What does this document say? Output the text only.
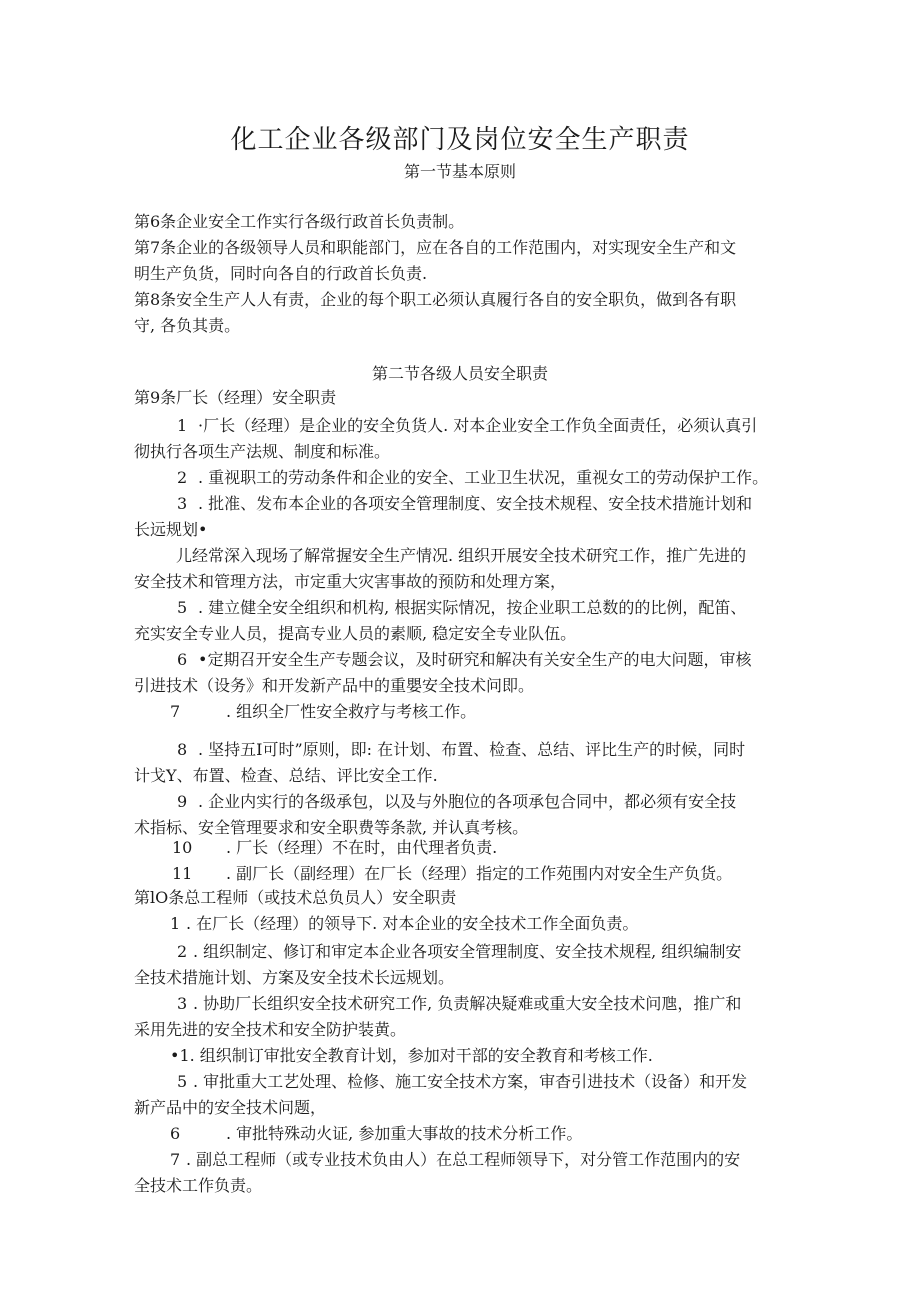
化工企业各级部门及岗位安全生产职责
第一节基本原则
第6条企业安全工作实行各级行政首长负责制。
第7条企业的各级领导人员和职能部门，应在各自的工作范围内，对实现安全生产和文
明生产负货，同时向各自的行政首长负责.
第8条安全生产人人有责，企业的每个职工必须认真履行各自的安全职负，做到各有职
守, 各负其责。
第二节各级人员安全职责
第9条厂长（经理）安全职责
1 ·厂长（经理）是企业的安全负货人. 对本企业安全工作负全面责任，必须认真引
彻执行各项生产法规、制度和标准。
2 . 重视职工的劳动条件和企业的安全、工业卫生状况，重视女工的劳动保护工作。
3 . 批准、发布本企业的各项安全管理制度、安全技术规程、安全技术措施计划和
长远规划•
儿经常深入现场了解常握安全生产情况. 组织开展安全技术研究工作，推广先进的
安全技术和管理方法，市定重大灾害事故的预防和处理方案，
5 . 建立健全安全组织和机构, 根据实际情况，按企业职工总数的的比例，配笛、
充实安全专业人员，提高专业人员的素顺, 稳定安全专业队伍。
6 •定期召开安全生产专题会议，及时研究和解决有关安全生产的电大问题，审核
引进技术（设务》和开发新产品中的重嬰安全技术问即。
7	. 组织全厂性安全救疗与考核工作。
8 . 坚持五I可时”原则，即: 在计划、布置、检查、总结、评比生产的时候，同时
计戈Y、布置、检查、总结、评比安全工作.
9 . 企业内实行的各级承包，以及与外胞位的各项承包合同中，都必须有安全技
术指标、安全管理要求和安全职费等条款, 并认真考核。
10 . 厂长（经理）不在时，由代理者负责.
11 . 副厂长（副经理）在厂长（经理）指定的工作苑围内对安全生产负货。
第lO条总工程师（或技术总负员人）安全职责
1 . 在厂长（经理）的领导下. 对本企业的安全技术工作全面负责。
2 . 组织制定、修订和审定本企业各项安全管理制度、安全技术规程, 组织编制安
全技术措施计划、方案及安全技术长远规划。
3 . 协助厂长组织安全技术研究工作, 负责解决疑难或重大安全技术问虺，推广和
采用先进的安全技术和安全防护装黄。
•1. 组织制订审批安全教育计划，参加对干部的安全教育和考核工作.
5 . 审批重大工艺处理、检修、施工安全技术方案，审杳引进技术（设备）和开发
新产品中的安全技术问题，
6	. 审批特殊动火证, 参加重大事故的技术分析工作。
7 . 副总工程师（或专业技术负由人）在总工程师领导下，对分管工作范围内的安
全技术工作负责。
